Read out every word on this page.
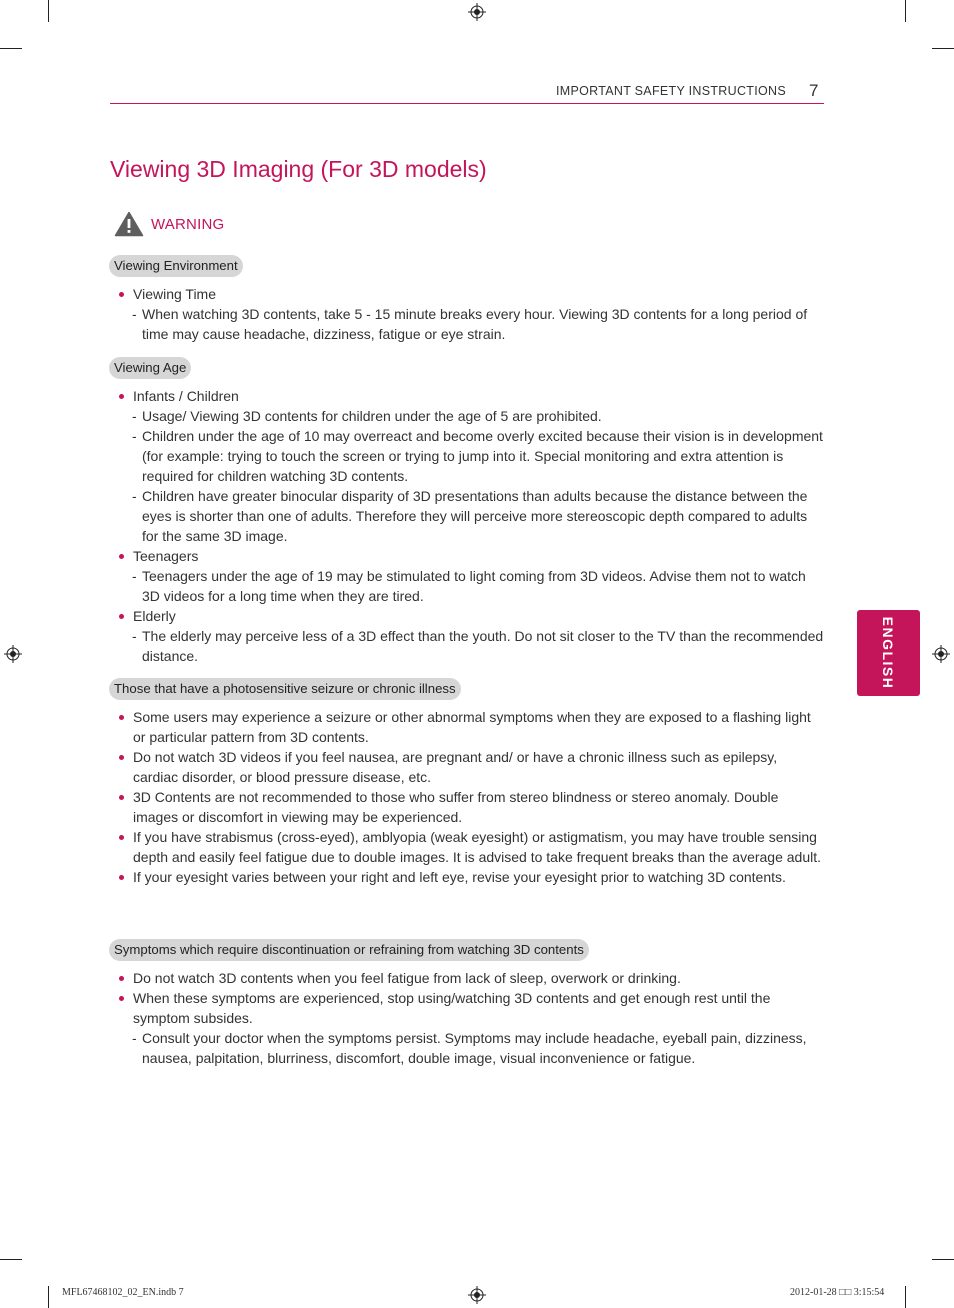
IMPORTANT SAFETY INSTRUCTIONS 7
Viewing 3D Imaging (For 3D models)
WARNING
Viewing Environment
Viewing Time
- When watching 3D contents, take 5 - 15 minute breaks every hour. Viewing 3D contents for a long period of time may cause headache, dizziness, fatigue or eye strain.
Viewing Age
Infants / Children
- Usage/ Viewing 3D contents for children under the age of 5 are prohibited.
- Children under the age of 10 may overreact and become overly excited because their vision is in development (for example: trying to touch the screen or trying to jump into it. Special monitoring and extra attention is required for children watching 3D contents.
- Children have greater binocular disparity of 3D presentations than adults because the distance between the eyes is shorter than one of adults. Therefore they will perceive more stereoscopic depth compared to adults for the same 3D image.
Teenagers
- Teenagers under the age of 19 may be stimulated to light coming from 3D videos. Advise them not to watch 3D videos for a long time when they are tired.
Elderly
- The elderly may perceive less of a 3D effect than the youth. Do not sit closer to the TV than the recommended distance.
Those that have a photosensitive seizure or chronic illness
Some users may experience a seizure or other abnormal symptoms when they are exposed to a flashing light or particular pattern from 3D contents.
Do not watch 3D videos if you feel nausea, are pregnant and/ or have a chronic illness such as epilepsy, cardiac disorder, or blood pressure disease, etc.
3D Contents are not recommended to those who suffer from stereo blindness or stereo anomaly. Double images or discomfort in viewing may be experienced.
If you have strabismus (cross-eyed), amblyopia (weak eyesight) or astigmatism, you may have trouble sensing depth and easily feel fatigue due to double images. It is advised to take frequent breaks than the average adult.
If your eyesight varies between your right and left eye, revise your eyesight prior to watching 3D contents.
Symptoms which require discontinuation or refraining from watching 3D contents
Do not watch 3D contents when you feel fatigue from lack of sleep, overwork or drinking.
When these symptoms are experienced, stop using/watching 3D contents and get enough rest until the symptom subsides.
- Consult your doctor when the symptoms persist. Symptoms may include headache, eyeball pain, dizziness, nausea, palpitation, blurriness, discomfort, double image, visual inconvenience or fatigue.
ENGLISH
MFL67468102_02_EN.indb 7	2012-01-28 □□ 3:15:54
